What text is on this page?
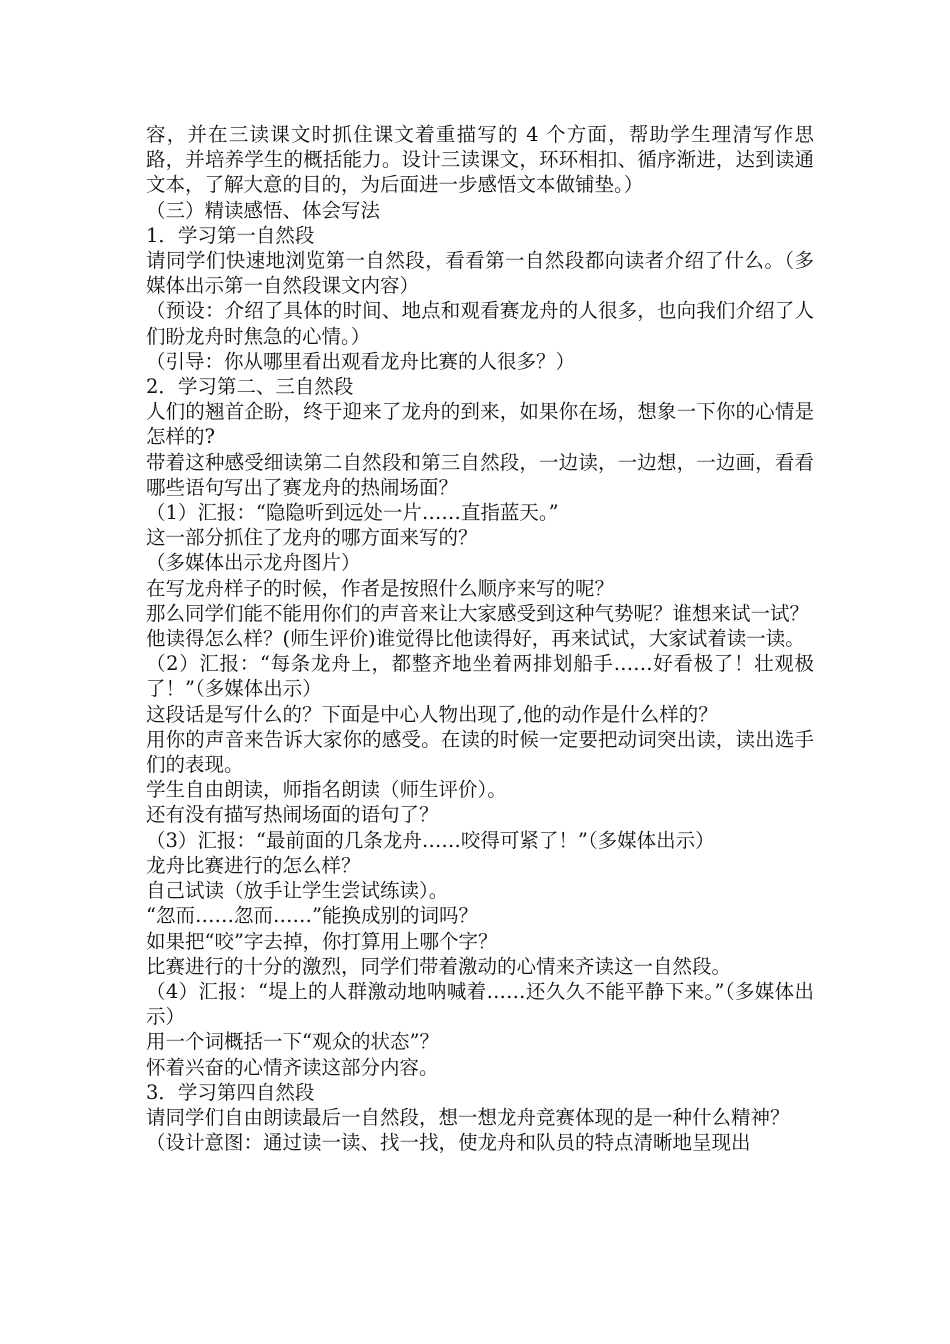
容，并在三读课文时抓住课文着重描写的 4 个方面，帮助学生理清写作思路，并培养学生的概括能力。设计三读课文，环环相扣、循序渐进，达到读通文本，了解大意的目的，为后面进一步感悟文本做铺垫。）

（三）精读感悟、体会写法

1．学习第一自然段

请同学们快速地浏览第一自然段，看看第一自然段都向读者介绍了什么。（多媒体出示第一自然段课文内容）

（预设：介绍了具体的时间、地点和观看赛龙舟的人很多，也向我们介绍了人们盼龙舟时焦急的心情。）

（引导：你从哪里看出观看龙舟比赛的人很多？）

2．学习第二、三自然段

人们的翘首企盼，终于迎来了龙舟的到来，如果你在场，想象一下你的心情是怎样的?

带着这种感受细读第二自然段和第三自然段，一边读，一边想，一边画，看看哪些语句写出了赛龙舟的热闹场面？

（1）汇报：“隐隐听到远处一片……直指蓝天。”

这一部分抓住了龙舟的哪方面来写的？

（多媒体出示龙舟图片）

在写龙舟样子的时候，作者是按照什么顺序来写的呢？

那么同学们能不能用你们的声音来让大家感受到这种气势呢？谁想来试一试？

他读得怎么样？(师生评价)谁觉得比他读得好，再来试试，大家试着读一读。

（2）汇报：“每条龙舟上，都整齐地坐着两排划船手……好看极了！壮观极了！”（多媒体出示）

这段话是写什么的？下面是中心人物出现了,他的动作是什么样的？

用你的声音来告诉大家你的感受。在读的时候一定要把动词突出读，读出选手们的表现。

学生自由朗读，师指名朗读（师生评价）。

还有没有描写热闹场面的语句了？

（3）汇报：“最前面的几条龙舟……咬得可紧了！”（多媒体出示）

龙舟比赛进行的怎么样？

自己试读（放手让学生尝试练读）。

“忽而……忽而……”能换成别的词吗？

如果把“咬”字去掉，你打算用上哪个字？

比赛进行的十分的激烈，同学们带着激动的心情来齐读这一自然段。

（4）汇报：“堤上的人群激动地呐喊着……还久久不能平静下来。”（多媒体出示）

用一个词概括一下“观众的状态”？

怀着兴奋的心情齐读这部分内容。

3．学习第四自然段

请同学们自由朗读最后一自然段，想一想龙舟竞赛体现的是一种什么精神？

（设计意图：通过读一读、找一找，使龙舟和队员的特点清晰地呈现出
